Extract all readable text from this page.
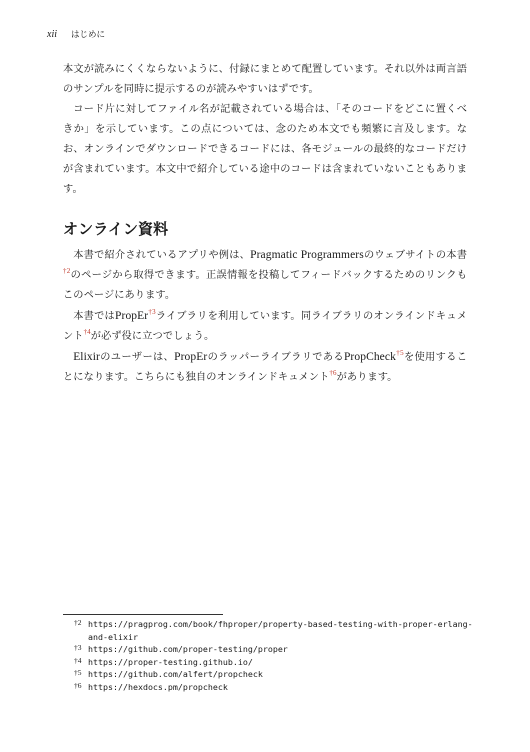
xii はじめに

本文が読みにくくならないように、付録にまとめて配置しています。それ以外は両言語のサンプルを同時に提示するのが読みやすいはずです。

コード片に対してファイル名が記載されている場合は、「そのコードをどこに置くべきか」を示しています。この点については、念のため本文でも頻繁に言及します。なお、オンラインでダウンロードできるコードには、各モジュールの最終的なコードだけが含まれています。本文中で紹介している途中のコードは含まれていないこともあります。

オンライン資料

本書で紹介されているアプリや例は、Pragmatic Programmersのウェブサイトの本書$^{\dagger 2}$のページから取得できます。正誤情報を投稿してフィードバックするためのリンクもこのページにあります。

本書ではPropEr$^{\dagger 3}$ライブラリを利用しています。同ライブラリのオンラインドキュメント$^{\dagger 4}$が必ず役に立つでしょう。

Elixirのユーザーは、PropErのラッパーライブラリであるPropCheck$^{\dagger 5}$を使用することになります。こちらにも独自のオンラインドキュメント$^{\dagger 6}$があります。

†2 https://pragprog.com/book/fhproper/property-based-testing-with-proper-erlang-and-elixir
†3 https://github.com/proper-testing/proper
†4 https://proper-testing.github.io/
†5 https://github.com/alfert/propcheck
†6 https://hexdocs.pm/propcheck
